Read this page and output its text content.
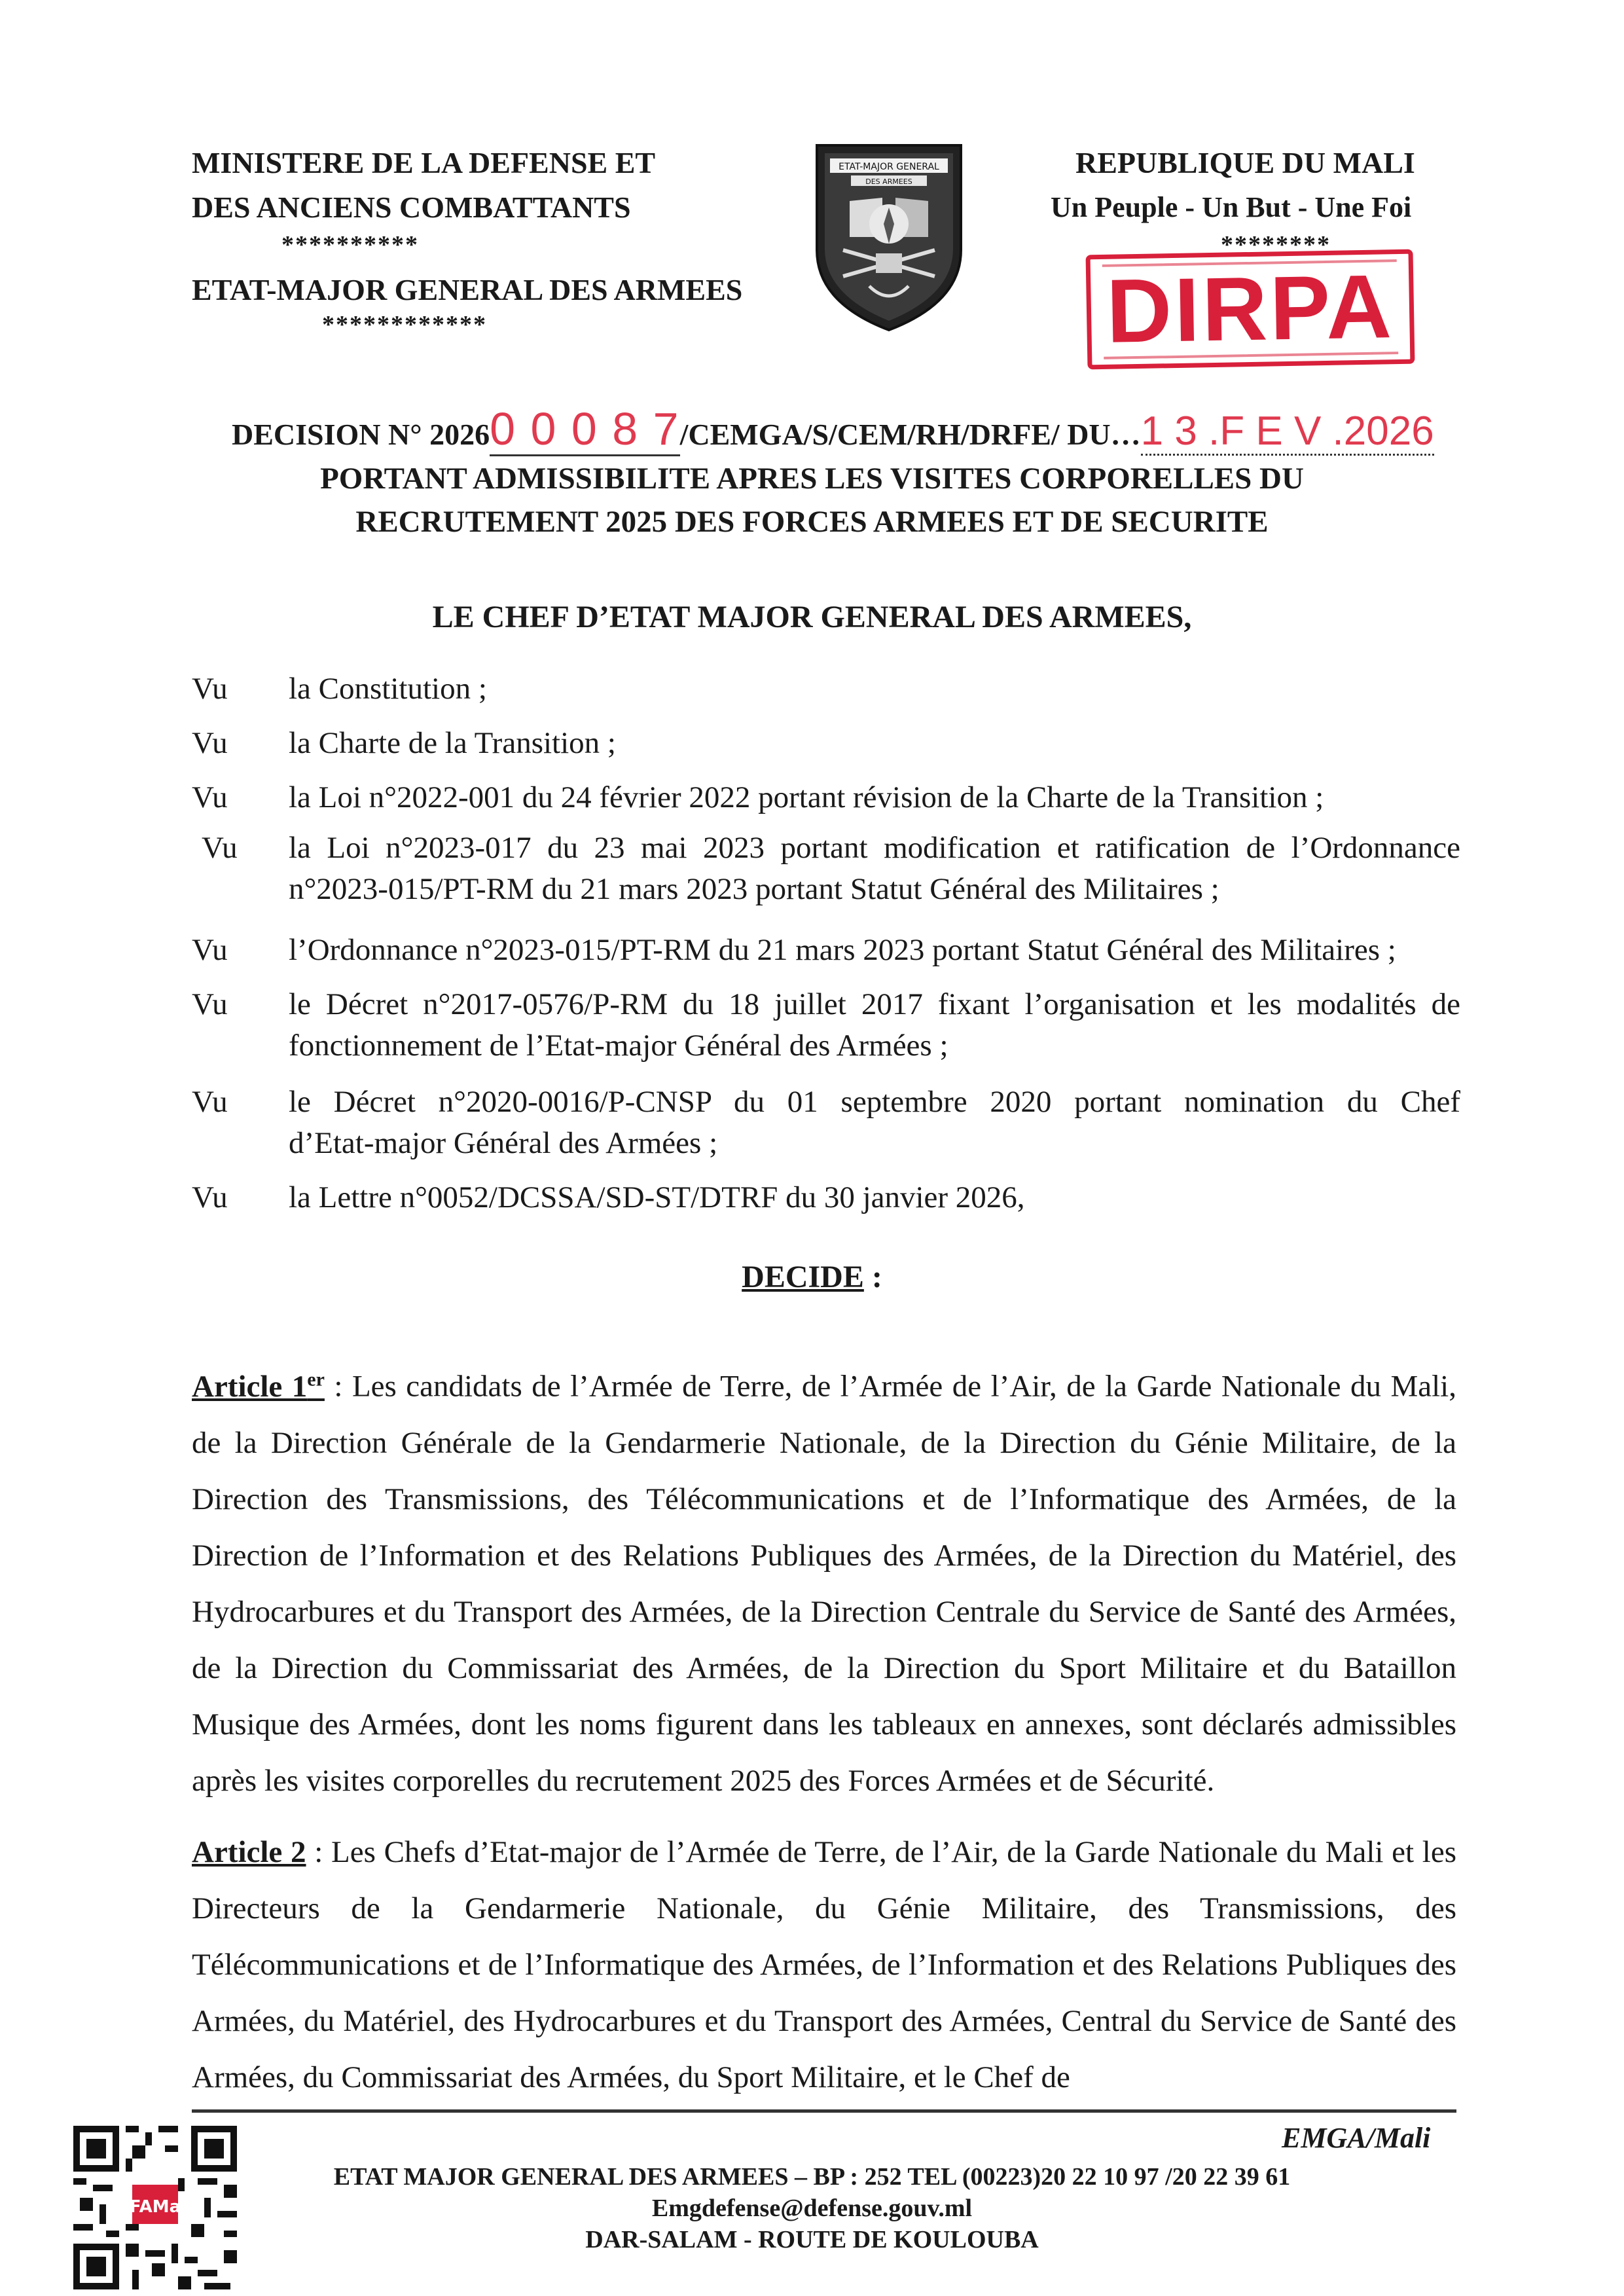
MINISTERE DE LA DEFENSE ET
DES ANCIENS COMBATTANTS
**********
ETAT-MAJOR GENERAL DES ARMEES
************
ETAT-MAJOR GENERAL
DES ARMEES
REPUBLIQUE DU MALI
Un Peuple - Un But - Une Foi
********
DIRPA
DECISION N° 20260 0 0 8 7/CEMGA/S/CEM/RH/DRFE/ DU…1 3 .F E V .2026
PORTANT ADMISSIBILITE APRES LES VISITES CORPORELLES DU
RECRUTEMENT 2025 DES FORCES ARMEES ET DE SECURITE
LE CHEF D’ETAT MAJOR GENERAL DES ARMEES,
Vu la Constitution ;
Vu la Charte de la Transition ;
Vu la Loi n°2022-001 du 24 février 2022 portant révision de la Charte de la Transition ;
Vu la Loi n°2023-017 du 23 mai 2023 portant modification et ratification de l’Ordonnance
n°2023-015/PT-RM du 21 mars 2023 portant Statut Général des Militaires ;
Vu l’Ordonnance n°2023-015/PT-RM du 21 mars 2023 portant Statut Général des Militaires ;
Vu le Décret n°2017-0576/P-RM du 18 juillet 2017 fixant l’organisation et les modalités de
fonctionnement de l’Etat-major Général des Armées ;
Vu le Décret n°2020-0016/P-CNSP du 01 septembre 2020 portant nomination du Chef
d’Etat-major Général des Armées ;
Vu la Lettre n°0052/DCSSA/SD-ST/DTRF du 30 janvier 2026,
DECIDE :
Article 1er : Les candidats de l’Armée de Terre, de l’Armée de l’Air, de la Garde Nationale du Mali, de la Direction Générale de la Gendarmerie Nationale, de la Direction du Génie Militaire, de la Direction des Transmissions, des Télécommunications et de l’Informatique des Armées, de la Direction de l’Information et des Relations Publiques des Armées, de la Direction du Matériel, des Hydrocarbures et du Transport des Armées, de la Direction Centrale du Service de Santé des Armées, de la Direction du Commissariat des Armées, de la Direction du Sport Militaire et du Bataillon Musique des Armées, dont les noms figurent dans les tableaux en annexes, sont déclarés admissibles après les visites corporelles du recrutement 2025 des Forces Armées et de Sécurité.
Article 2 : Les Chefs d’Etat-major de l’Armée de Terre, de l’Air, de la Garde Nationale du Mali et les Directeurs de la Gendarmerie Nationale, du Génie Militaire, des Transmissions, des Télécommunications et de l’Informatique des Armées, de l’Information et des Relations Publiques des Armées, du Matériel, des Hydrocarbures et du Transport des Armées, Central du Service de Santé des Armées, du Commissariat des Armées, du Sport Militaire, et le Chef de
FAMa
EMGA/Mali
ETAT MAJOR GENERAL DES ARMEES – BP : 252 TEL (00223)20 22 10 97 /20 22 39 61
Emgdefense@defense.gouv.ml
DAR-SALAM - ROUTE DE KOULOUBA
